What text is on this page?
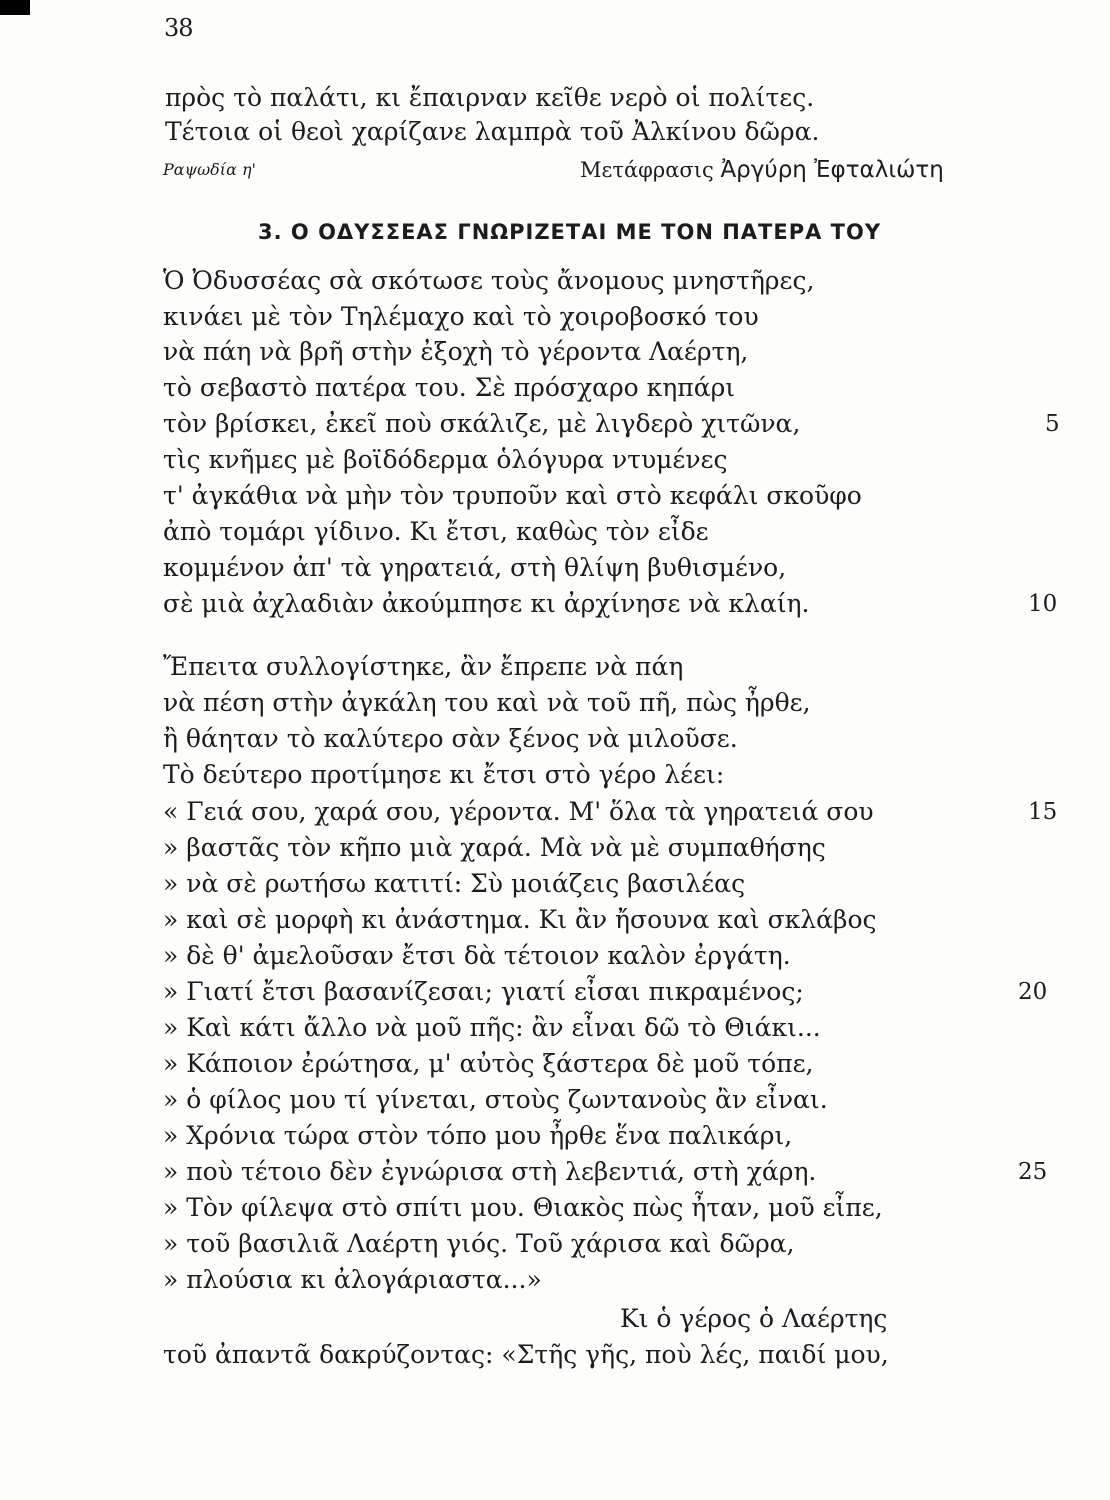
38
πρὸς τὸ παλάτι, κι ἔπαιρναν κεῖθε νερὸ οἱ πολίτες.
Τέτοια οἱ θεοὶ χαρίζανε λαμπρὰ τοῦ Ἀλκίνου δῶρα.
Ραψωδία η'	Μετάφρασις Ἀργύρη Ἐφταλιώτη
3. Ο ΟΔΥΣΣΕΑΣ ΓΝΩΡΙΖΕΤΑΙ ΜΕ ΤΟΝ ΠΑΤΕΡΑ ΤΟΥ
Ὁ Ὀδυσσέας σὰ σκότωσε τοὺς ἄνομους μνηστῆρες,
κινάει μὲ τὸν Τηλέμαχο καὶ τὸ χοιροβοσκό του
νὰ πάη νὰ βρῆ στὴν ἐξοχὴ τὸ γέροντα Λαέρτη,
τὸ σεβαστὸ πατέρα του. Σὲ πρόσχαρο κηπάρι
τὸν βρίσκει, ἐκεῖ ποὺ σκάλιζε, μὲ λιγδερὸ χιτῶνα,
τὶς κνῆμες μὲ βοϊδόδερμα ὁλόγυρα ντυμένες
τ' ἀγκάθια νὰ μὴν τὸν τρυποῦν καὶ στὸ κεφάλι σκοῦφο
ἀπὸ τομάρι γίδινο. Κι ἔτσι, καθὼς τὸν εἶδε
κομμένον ἀπ' τὰ γηρατειά, στὴ θλίψη βυθισμένο,
σὲ μιὰ ἀχλαδιὰν ἀκούμπησε κι ἀρχίνησε νὰ κλαίη.
Ἔπειτα συλλογίστηκε, ἂν ἔπρεπε νὰ πάη
νὰ πέση στὴν ἀγκάλη του καὶ νὰ τοῦ πῆ, πὼς ἦρθε,
ἢ θάηταν τὸ καλύτερο σὰν ξένος νὰ μιλοῦσε.
Τὸ δεύτερο προτίμησε κι ἔτσι στὸ γέρο λέει:
« Γειά σου, χαρά σου, γέροντα. Μ' ὅλα τὰ γηρατειά σου
» βαστᾶς τὸν κῆπο μιὰ χαρά. Μὰ νὰ μὲ συμπαθήσης
» νὰ σὲ ρωτήσω κατιτί: Σὺ μοιάζεις βασιλέας
» καὶ σὲ μορφὴ κι ἀνάστημα. Κι ἂν ἤσουνα καὶ σκλάβος
» δὲ θ' ἀμελοῦσαν ἔτσι δὰ τέτοιον καλὸν ἐργάτη.
» Γιατί ἔτσι βασανίζεσαι; γιατί εἶσαι πικραμένος;
» Καὶ κάτι ἄλλο νὰ μοῦ πῆς: ἂν εἶναι δῶ τὸ Θιάκι...
» Κάποιον ἐρώτησα, μ' αὐτὸς ξάστερα δὲ μοῦ τόπε,
» ὁ φίλος μου τί γίνεται, στοὺς ζωντανοὺς ἂν εἶναι.
» Χρόνια τώρα στὸν τόπο μου ἦρθε ἕνα παλικάρι,
» ποὺ τέτοιο δὲν ἐγνώρισα στὴ λεβεντιά, στὴ χάρη.
» Τὸν φίλεψα στὸ σπίτι μου. Θιακὸς πὼς ἦταν, μοῦ εἶπε,
» τοῦ βασιλιᾶ Λαέρτη γιός. Τοῦ χάρισα καὶ δῶρα,
» πλούσια κι ἀλογάριαστα...»
Κι ὁ γέρος ὁ Λαέρτης
τοῦ ἀπαντᾶ δακρύζοντας: «Στῆς γῆς, ποὺ λές, παιδί μου,
5
10
15
20
25
